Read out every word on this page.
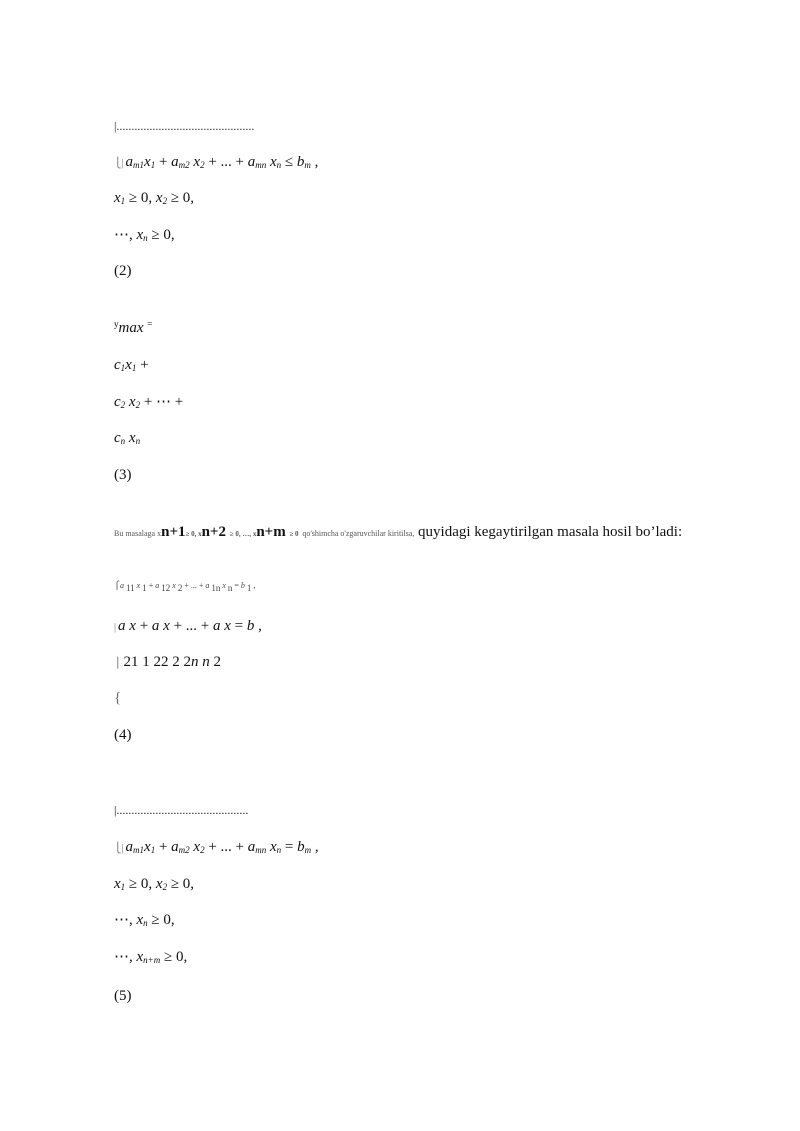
|..............................................
⎩| $a_{m1}x_1 + a_{m2}$ $x_2$ + ... + $a_{mn}$ $x_n \le b_m$ ,
$x_1 \ge 0$, $x_2 \ge 0$,
⋯, $x_n \ge 0$,
(2)
$^y$max =
$c_1x_1$ +
$c_2$ $x_2$ + ⋯ +
$c_n$ $x_n$
(3)
Bu masalaga xn+1≥ 0, xn+2 ≥ 0, …, xn+m ≥ 0 qo'shimcha o'zgaruvchilar kiritilsa, quyidagi kegaytirilgan masala hosil bo’ladi:
⎧a 11 x 1 + a 12 x 2 + ... + a 1n x n = b 1 ,
| a x + a x + ... + a x = b ,
⎪ 21 1 22 2 2n n 2
{
(4)
|............................................
⎩| $a_{m1}x_1 + a_{m2}$ $x_2$ + ... + $a_{mn}$ $x_n = b_m$ ,
$x_1 \ge 0$, $x_2 \ge 0$,
⋯, $x_n \ge 0$,
⋯, $x_{n+m} \ge 0$,
(5)
